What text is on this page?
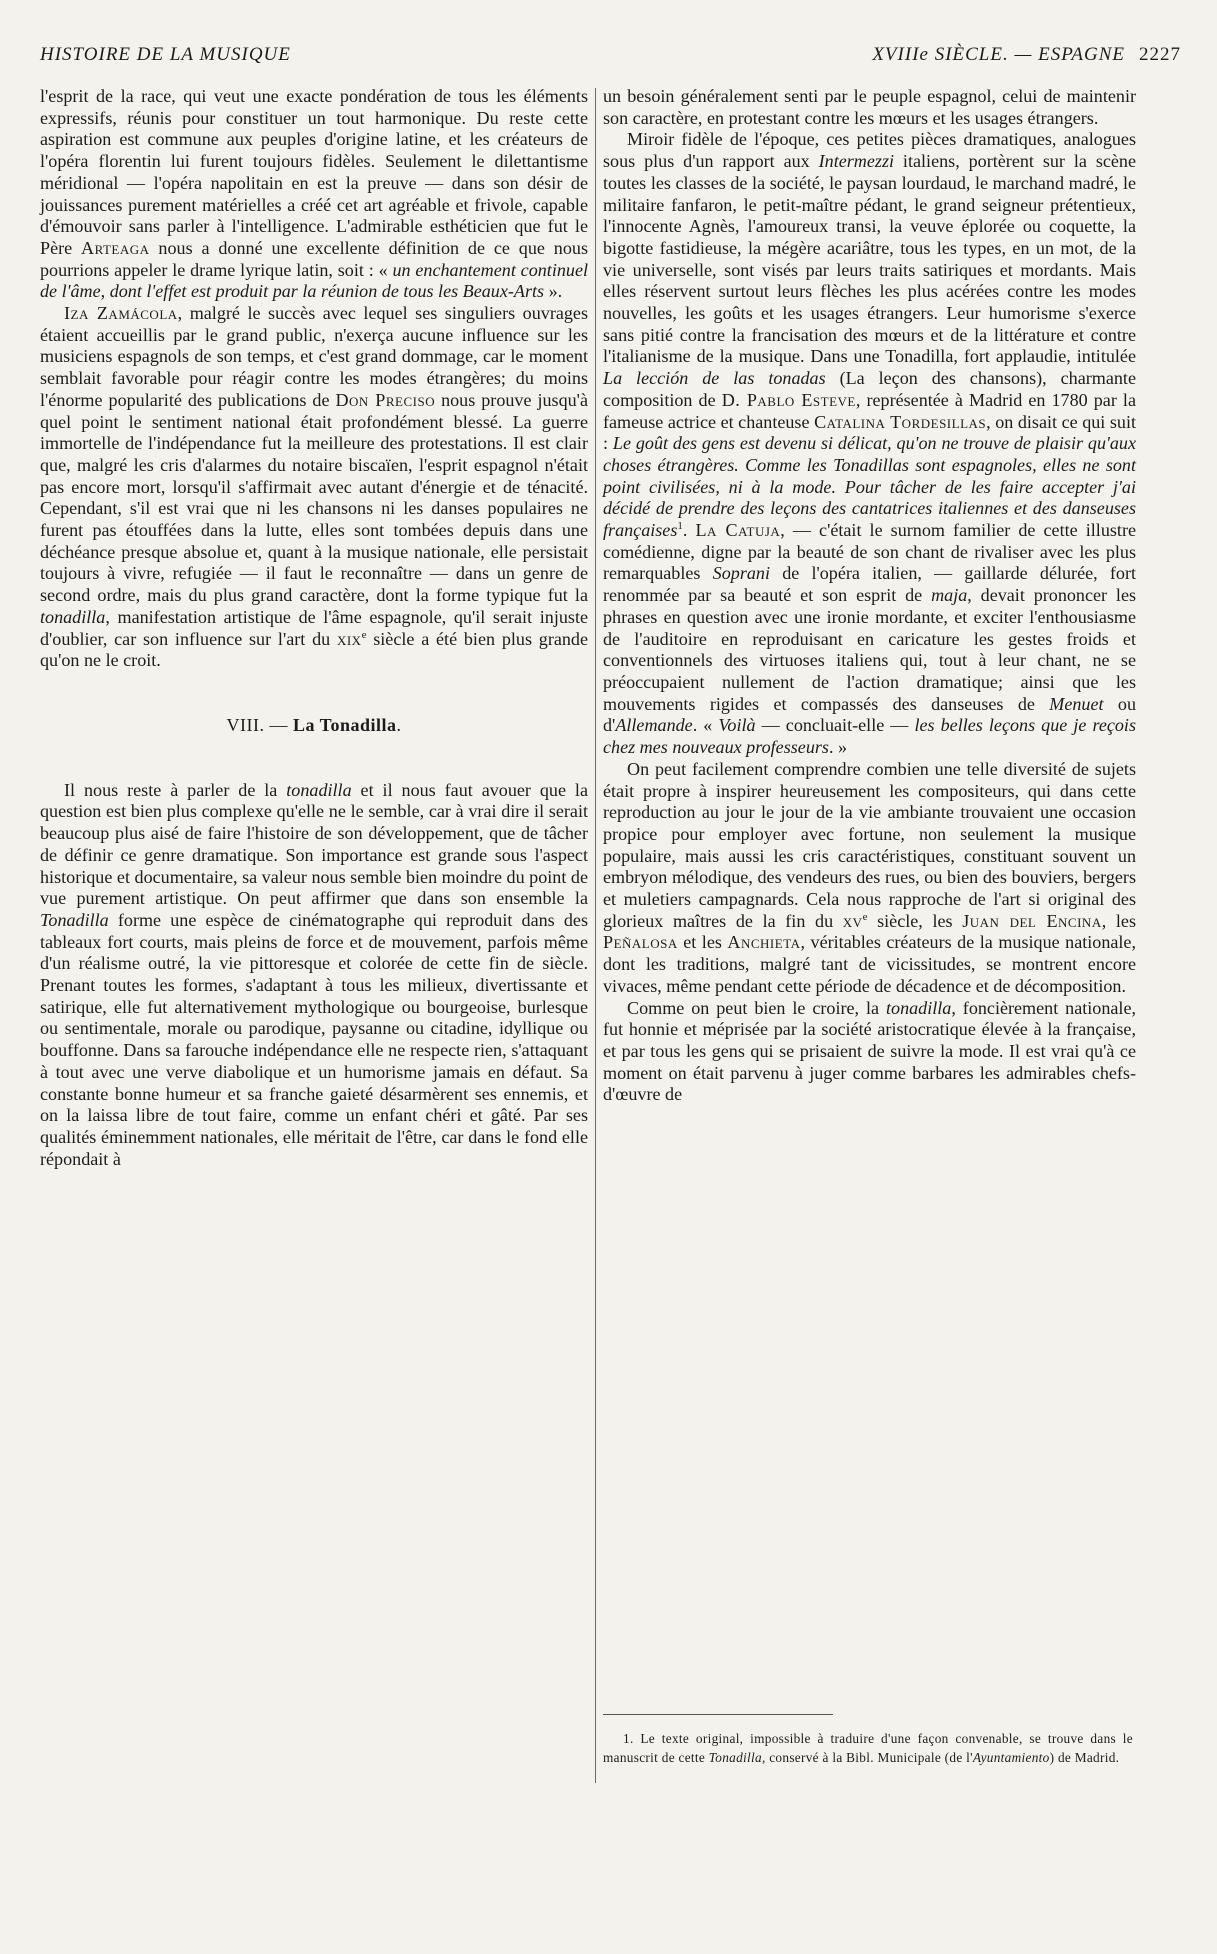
HISTOIRE DE LA MUSIQUE	XVIIIe SIÈCLE. — ESPAGNE 2227

l'esprit de la race, qui veut une exacte pondération de tous les éléments expressifs, réunis pour constituer un tout harmonique. Du reste cette aspiration est commune aux peuples d'origine latine, et les créateurs de l'opéra florentin lui furent toujours fidèles. Seulement le dilettantisme méridional — l'opéra napolitain en est la preuve — dans son désir de jouissances purement matérielles a créé cet art agréable et frivole, capable d'émouvoir sans parler à l'intelligence. L'admirable esthéticien que fut le Père Arteaga nous a donné une excellente définition de ce que nous pourrions appeler le drame lyrique latin, soit : « un enchantement continuel de l'âme, dont l'effet est produit par la réunion de tous les Beaux-Arts ».

Iza Zamácola, malgré le succès avec lequel ses singuliers ouvrages étaient accueillis par le grand public, n'exerça aucune influence sur les musiciens espagnols de son temps, et c'est grand dommage, car le moment semblait favorable pour réagir contre les modes étrangères; du moins l'énorme popularité des publications de Don Preciso nous prouve jusqu'à quel point le sentiment national était profondément blessé. La guerre immortelle de l'indépendance fut la meilleure des protestations. Il est clair que, malgré les cris d'alarmes du notaire biscaïen, l'esprit espagnol n'était pas encore mort, lorsqu'il s'affirmait avec autant d'énergie et de ténacité. Cependant, s'il est vrai que ni les chansons ni les danses populaires ne furent pas étouffées dans la lutte, elles sont tombées depuis dans une déchéance presque absolue et, quant à la musique nationale, elle persistait toujours à vivre, refugiée — il faut le reconnaître — dans un genre de second ordre, mais du plus grand caractère, dont la forme typique fut la tonadilla, manifestation artistique de l'âme espagnole, qu'il serait injuste d'oublier, car son influence sur l'art du xix$^e$ siècle a été bien plus grande qu'on ne le croit.

VIII. — La Tonadilla.

Il nous reste à parler de la tonadilla et il nous faut avouer que la question est bien plus complexe qu'elle ne le semble, car à vrai dire il serait beaucoup plus aisé de faire l'histoire de son développement, que de tâcher de définir ce genre dramatique. Son importance est grande sous l'aspect historique et documentaire, sa valeur nous semble bien moindre du point de vue purement artistique. On peut affirmer que dans son ensemble la Tonadilla forme une espèce de cinématographe qui reproduit dans des tableaux fort courts, mais pleins de force et de mouvement, parfois même d'un réalisme outré, la vie pittoresque et colorée de cette fin de siècle. Prenant toutes les formes, s'adaptant à tous les milieux, divertissante et satirique, elle fut alternativement mythologique ou bourgeoise, burlesque ou sentimentale, morale ou parodique, paysanne ou citadine, idyllique ou bouffonne. Dans sa farouche indépendance elle ne respecte rien, s'attaquant à tout avec une verve diabolique et un humorisme jamais en défaut. Sa constante bonne humeur et sa franche gaieté désarmèrent ses ennemis, et on la laissa libre de tout faire, comme un enfant chéri et gâté. Par ses qualités éminemment nationales, elle méritait de l'être, car dans le fond elle répondait à

un besoin généralement senti par le peuple espagnol, celui de maintenir son caractère, en protestant contre les mœurs et les usages étrangers.

Miroir fidèle de l'époque, ces petites pièces dramatiques, analogues sous plus d'un rapport aux Intermezzi italiens, portèrent sur la scène toutes les classes de la société, le paysan lourdaud, le marchand madré, le militaire fanfaron, le petit-maître pédant, le grand seigneur prétentieux, l'innocente Agnès, l'amoureux transi, la veuve éplorée ou coquette, la bigotte fastidieuse, la mégère acariâtre, tous les types, en un mot, de la vie universelle, sont visés par leurs traits satiriques et mordants. Mais elles réservent surtout leurs flèches les plus acérées contre les modes nouvelles, les goûts et les usages étrangers. Leur humorisme s'exerce sans pitié contre la francisation des mœurs et de la littérature et contre l'italianisme de la musique. Dans une Tonadilla, fort applaudie, intitulée La lección de las tonadas (La leçon des chansons), charmante composition de D. Pablo Esteve, représentée à Madrid en 1780 par la fameuse actrice et chanteuse Catalina Tordesillas, on disait ce qui suit : Le goût des gens est devenu si délicat, qu'on ne trouve de plaisir qu'aux choses étrangères. Comme les Tonadillas sont espagnoles, elles ne sont point civilisées, ni à la mode. Pour tâcher de les faire accepter j'ai décidé de prendre des leçons des cantatrices italiennes et des danseuses françaises$^1$. La Catuja, — c'était le surnom familier de cette illustre comédienne, digne par la beauté de son chant de rivaliser avec les plus remarquables Soprani de l'opéra italien, — gaillarde délurée, fort renommée par sa beauté et son esprit de maja, devait prononcer les phrases en question avec une ironie mordante, et exciter l'enthousiasme de l'auditoire en reproduisant en caricature les gestes froids et conventionnels des virtuoses italiens qui, tout à leur chant, ne se préoccupaient nullement de l'action dramatique; ainsi que les mouvements rigides et compassés des danseuses de Menuet ou d'Allemande. « Voilà — concluait-elle — les belles leçons que je reçois chez mes nouveaux professeurs. »

On peut facilement comprendre combien une telle diversité de sujets était propre à inspirer heureusement les compositeurs, qui dans cette reproduction au jour le jour de la vie ambiante trouvaient une occasion propice pour employer avec fortune, non seulement la musique populaire, mais aussi les cris caractéristiques, constituant souvent un embryon mélodique, des vendeurs des rues, ou bien des bouviers, bergers et muletiers campagnards. Cela nous rapproche de l'art si original des glorieux maîtres de la fin du $xv^e$ siècle, les Juan del Encina, les Peñalosa et les Anchieta, véritables créateurs de la musique nationale, dont les traditions, malgré tant de vicissitudes, se montrent encore vivaces, même pendant cette période de décadence et de décomposition.

Comme on peut bien le croire, la tonadilla, foncièrement nationale, fut honnie et méprisée par la société aristocratique élevée à la française, et par tous les gens qui se prisaient de suivre la mode. Il est vrai qu'à ce moment on était parvenu à juger comme barbares les admirables chefs-d'œuvre de

1. Le texte original, impossible à traduire d'une façon convenable, se trouve dans le manuscrit de cette Tonadilla, conservé à la Bibl. Municipale (de l'Ayuntamiento) de Madrid.
